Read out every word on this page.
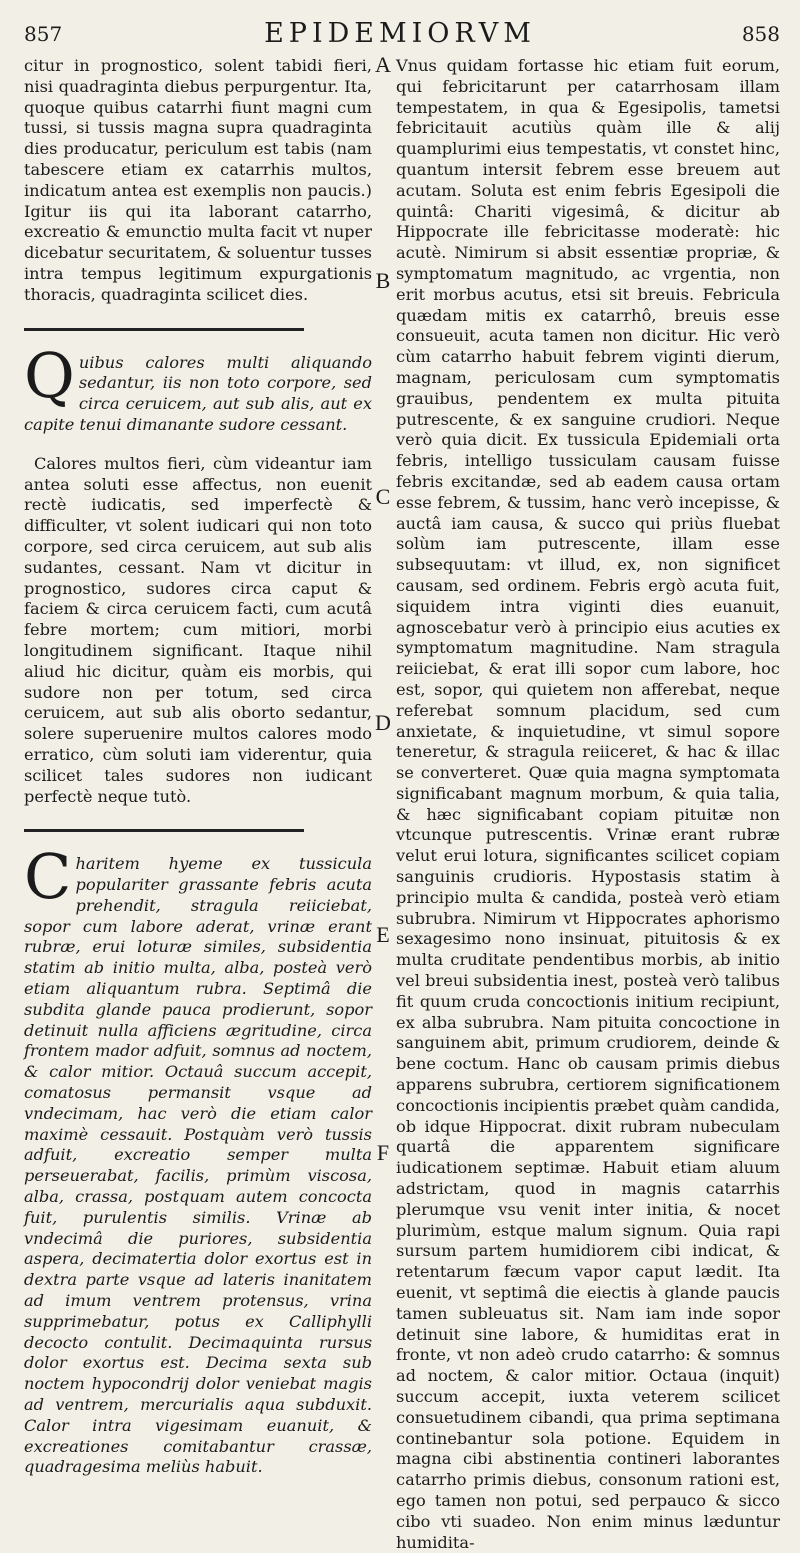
857	EPIDEMIORVM	858

citur in prognostico, solent tabidi fieri, nisi quadraginta diebus perpurgentur. Ita, quoque quibus catarrhi fiunt magni cum tussi, si tussis magna supra quadraginta dies producatur, periculum est tabis (nam tabescere etiam ex catarrhis multos, indicatum antea est exemplis non paucis.) Igitur iis qui ita laborant catarrho, excreatio & emunctio multa facit vt nuper dicebatur securitatem, & soluentur tusses intra tempus legitimum expurgationis thoracis, quadraginta scilicet dies.

Quibus calores multi aliquando sedantur, iis non toto corpore, sed circa ceruicem, aut sub alis, aut ex capite tenui dimanante sudore cessant.

Calores multos fieri, cùm videantur iam antea soluti esse affectus, non euenit rectè iudicatis, sed imperfectè & difficulter, vt solent iudicari qui non toto corpore, sed circa ceruicem, aut sub alis sudantes, cessant. Nam vt dicitur in prognostico, sudores circa caput & faciem & circa ceruicem facti, cum acutâ febre mortem; cum mitiori, morbi longitudinem significant. Itaque nihil aliud hic dicitur, quàm eis morbis, qui sudore non per totum, sed circa ceruicem, aut sub alis oborto sedantur, solere superuenire multos calores modo erratico, cùm soluti iam viderentur, quia scilicet tales sudores non iudicant perfectè neque tutò.

Charitem hyeme ex tussicula populariter grassante febris acuta prehendit, stragula reiiciebat, sopor cum labore aderat, vrinæ erant rubræ, erui loturæ similes, subsidentia statim ab initio multa, alba, posteà verò etiam aliquantum rubra. Septimâ die subdita glande pauca prodierunt, sopor detinuit nulla afficiens ægritudine, circa frontem mador adfuit, somnus ad noctem, & calor mitior. Octauâ succum accepit, comatosus permansit vsque ad vndecimam, hac verò die etiam calor maximè cessauit. Postquàm verò tussis adfuit, excreatio semper multa perseuerabat, facilis, primùm viscosa, alba, crassa, postquam autem concocta fuit, purulentis similis. Vrinæ ab vndecimâ die puriores, subsidentia aspera, decimatertia dolor exortus est in dextra parte vsque ad lateris inanitatem ad imum ventrem protensus, vrina supprimebatur, potus ex Calliphylli decocto contulit. Decimaquinta rursus dolor exortus est. Decima sexta sub noctem hypocondrij dolor veniebat magis ad ventrem, mercurialis aqua subduxit. Calor intra vigesimam euanuit, & excreationes comitabantur crassæ, quadragesima meliùs habuit.

A
B
C
D
E
F

Vnus quidam fortasse hic etiam fuit eorum, qui febricitarunt per catarrhosam illam tempestatem, in qua & Egesipolis, tametsi febricitauit acutiùs quàm ille & alij quamplurimi eius tempestatis, vt constet hinc, quantum intersit febrem esse breuem aut acutam. Soluta est enim febris Egesipoli die quintâ: Chariti vigesimâ, & dicitur ab Hippocrate ille febricitasse moderatè: hic acutè. Nimirum si absit essentiæ propriæ, & symptomatum magnitudo, ac vrgentia, non erit morbus acutus, etsi sit breuis. Febricula quædam mitis ex catarrhô, breuis esse consueuit, acuta tamen non dicitur. Hic verò cùm catarrho habuit febrem viginti dierum, magnam, periculosam cum symptomatis grauibus, pendentem ex multa pituita putrescente, & ex sanguine crudiori. Neque verò quia dicit. Ex tussicula Epidemiali orta febris, intelligo tussiculam causam fuisse febris excitandæ, sed ab eadem causa ortam esse febrem, & tussim, hanc verò incepisse, & auctâ iam causa, & succo qui priùs fluebat solùm iam putrescente, illam esse subsequutam: vt illud, ex, non significet causam, sed ordinem. Febris ergò acuta fuit, siquidem intra viginti dies euanuit, agnoscebatur verò à principio eius acuties ex symptomatum magnitudine. Nam stragula reiiciebat, & erat illi sopor cum labore, hoc est, sopor, qui quietem non afferebat, neque referebat somnum placidum, sed cum anxietate, & inquietudine, vt simul sopore teneretur, & stragula reiiceret, & hac & illac se converteret. Quæ quia magna symptomata significabant magnum morbum, & quia talia, & hæc significabant copiam pituitæ non vtcunque putrescentis. Vrinæ erant rubræ velut erui lotura, significantes scilicet copiam sanguinis crudioris. Hypostasis statim à principio multa & candida, posteà verò etiam subrubra. Nimirum vt Hippocrates aphorismo sexagesimo nono insinuat, pituitosis & ex multa cruditate pendentibus morbis, ab initio vel breui subsidentia inest, posteà verò talibus fit quum cruda concoctionis initium recipiunt, ex alba subrubra. Nam pituita concoctione in sanguinem abit, primum crudiorem, deinde & bene coctum. Hanc ob causam primis diebus apparens subrubra, certiorem significationem concoctionis incipientis præbet quàm candida, ob idque Hippocrat. dixit rubram nubeculam quartâ die apparentem significare iudicationem septimæ. Habuit etiam aluum adstrictam, quod in magnis catarrhis plerumque vsu venit inter initia, & nocet plurimùm, estque malum signum. Quia rapi sursum partem humidiorem cibi indicat, & retentarum fæcum vapor caput lædit. Ita euenit, vt septimâ die eiectis à glande paucis tamen subleuatus sit. Nam iam inde sopor detinuit sine labore, & humiditas erat in fronte, vt non adeò crudo catarrho: & somnus ad noctem, & calor mitior. Octaua (inquit) succum accepit, iuxta veterem scilicet consuetudinem cibandi, qua prima septimana continebantur sola potione. Equidem in magna cibi abstinentia contineri laborantes catarrho primis diebus, consonum rationi est, ego tamen non potui, sed perpauco & sicco cibo vti suadeo. Non enim minus læduntur humidita-
